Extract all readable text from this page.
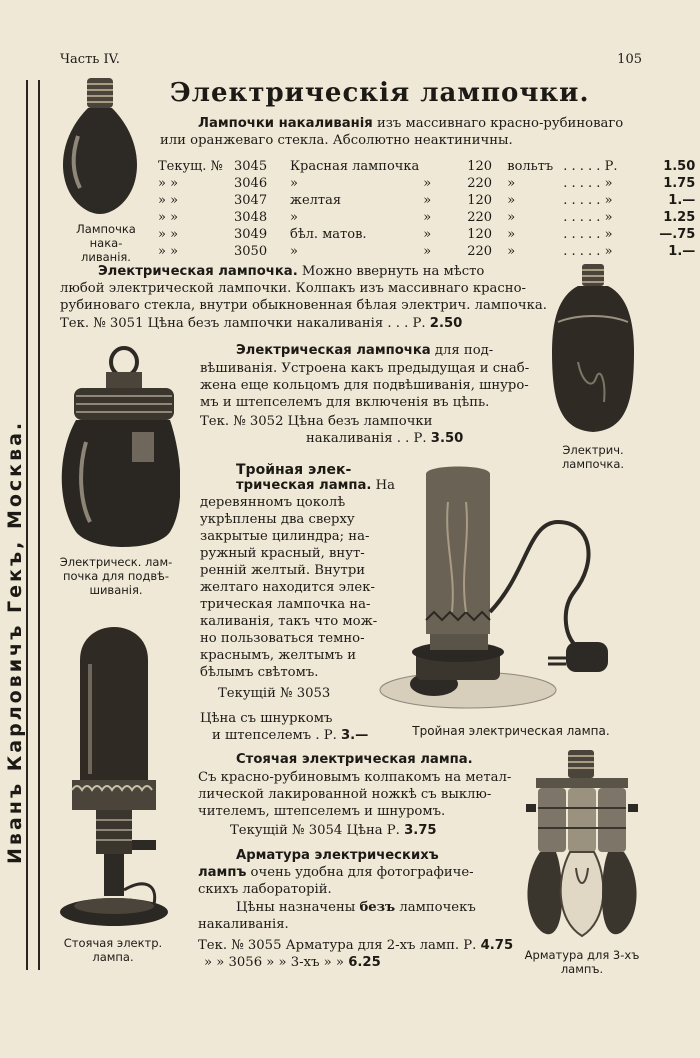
Часть IV.	105
Электрическія лампочки.
Иванъ Карловичъ Гекъ, Москва.
Лампочки накаливанія изъ массивнаго красно-рубиноваго
или оранжеваго стекла. Абсолютно неактиничны.
Текущ. №	3045	Красная лампочка		120	вольтъ	. . . . . Р.	1.50
» »	3046	»	»	220	»	. . . . . »	1.75
» »	3047	желтая	»	120	»	. . . . . »	1.—
» »	3048	»	»	220	»	. . . . . »	1.25
» »	3049	бѣл. матов.	»	120	»	. . . . . »	—.75
» »	3050	»	»	220	»	. . . . . »	1.—
Лампочка нака-
ливанія.
Электрическая лампочка. Можно ввернуть на мѣсто
любой электрической лампочки. Колпакъ изъ массивнаго красно-
рубиноваго стекла, внутри обыкновенная бѣлая электрич. лампочка.
Тек. № 3051 Цѣна безъ лампочки накаливанія . . . Р. 2.50
Электрич. лампочка.
Электрическая лампочка для под-
вѣшиванія. Устроена какъ предыдущая и снаб-
жена еще кольцомъ для подвѣшиванія, шнуро-
мъ и штепселемъ для включенія въ цѣпь.
Тек. № 3052 Цѣна безъ лампочки
накаливанія . . Р. 3.50
Электрическ. лам-
почка для подвѣ-
шиванія.
Тройная элек-
трическая лампа. На
деревянномъ цоколѣ
укрѣплены два сверху
закрытые цилиндра; на-
ружный красный, внут-
ренній желтый. Внутри
желтаго находится элек-
трическая лампочка на-
каливанія, такъ что мож-
но пользоваться темно-
краснымъ, желтымъ и
бѣлымъ свѣтомъ.
Текущій № 3053
Цѣна съ шнуркомъ
и штепселемъ . Р. 3.—	Тройная электрическая лампа.
Стоячая электр.
лампа.
Стоячая электрическая лампа.
Съ красно-рубиновымъ колпакомъ на метал-
лической лакированной ножкѣ съ выклю-
чителемъ, штепселемъ и шнуромъ.
Текущій № 3054 Цѣна Р. 3.75
Арматура электрическихъ
лампъ очень удобна для фотографиче-
скихъ лабораторій.
Цѣны назначены безъ лампочекъ
накаливанія.
Тек. № 3055 Арматура для 2-хъ ламп. Р. 4.75
» » 3056 » » 3-хъ » » 6.25	Арматура для 3-хъ
лампъ.
